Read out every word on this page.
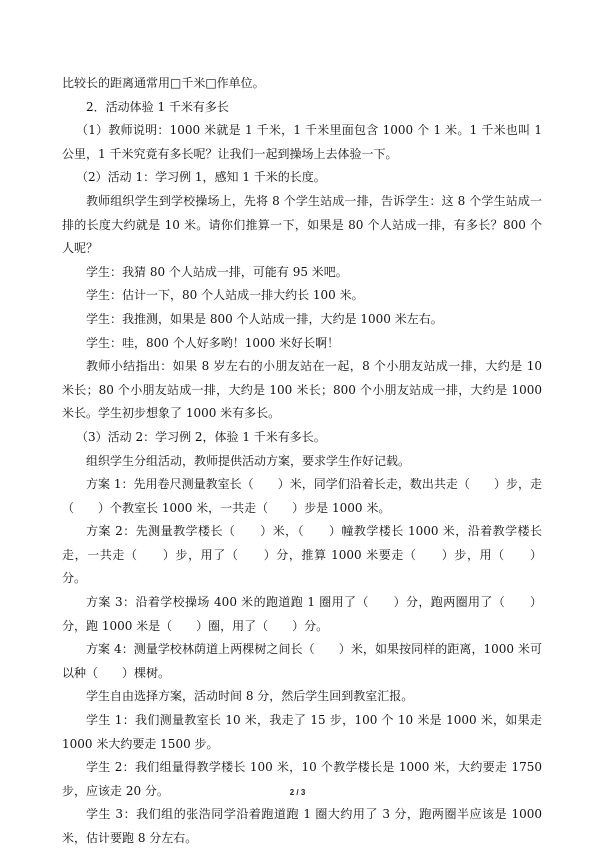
比较长的距离通常用□千米□作单位。

2．活动体验 1 千米有多长

（1）教师说明：1000 米就是 1 千米，1 千米里面包含 1000 个 1 米。1 千米也叫 1 公里，1 千米究竟有多长呢？让我们一起到操场上去体验一下。

（2）活动 1：学习例 1，感知 1 千米的长度。

教师组织学生到学校操场上，先将 8 个学生站成一排，告诉学生：这 8 个学生站成一排的长度大约就是 10 米。请你们推算一下，如果是 80 个人站成一排，有多长？800 个人呢？

学生：我猜 80 个人站成一排，可能有 95 米吧。

学生：估计一下，80 个人站成一排大约长 100 米。

学生：我推测，如果是 800 个人站成一排，大约是 1000 米左右。

学生：哇，800 个人好多哟！1000 米好长啊！

教师小结指出：如果 8 岁左右的小朋友站在一起，8 个小朋友站成一排，大约是 10 米长；80 个小朋友站成一排，大约是 100 米长；800 个小朋友站成一排，大约是 1000 米长。学生初步想象了 1000 米有多长。

（3）活动 2：学习例 2，体验 1 千米有多长。

组织学生分组活动，教师提供活动方案，要求学生作好记载。

方案 1：先用卷尺测量教室长（　　）米，同学们沿着长走，数出共走（　　）步，走（　　）个教室长 1000 米，一共走（　　）步是 1000 米。

方案 2：先测量教学楼长（　　）米，（　　）幢教学楼长 1000 米，沿着教学楼长走，一共走（　　）步，用了（　　）分，推算 1000 米要走（　　）步，用（　　）分。

方案 3：沿着学校操场 400 米的跑道跑 1 圈用了（　　）分，跑两圈用了（　　）分，跑 1000 米是（　　）圈，用了（　　）分。

方案 4：测量学校林荫道上两棵树之间长（　　）米，如果按同样的距离，1000 米可以种（　　）棵树。

学生自由选择方案，活动时间 8 分，然后学生回到教室汇报。

学生 1：我们测量教室长 10 米，我走了 15 步，100 个 10 米是 1000 米，如果走 1000 米大约要走 1500 步。

学生 2：我们组量得教学楼长 100 米，10 个教学楼长是 1000 米，大约要走 1750 步，应该走 20 分。

学生 3：我们组的张浩同学沿着跑道跑 1 圈大约用了 3 分，跑两圈半应该是 1000 米，估计要跑 8 分左右。

2 / 3
